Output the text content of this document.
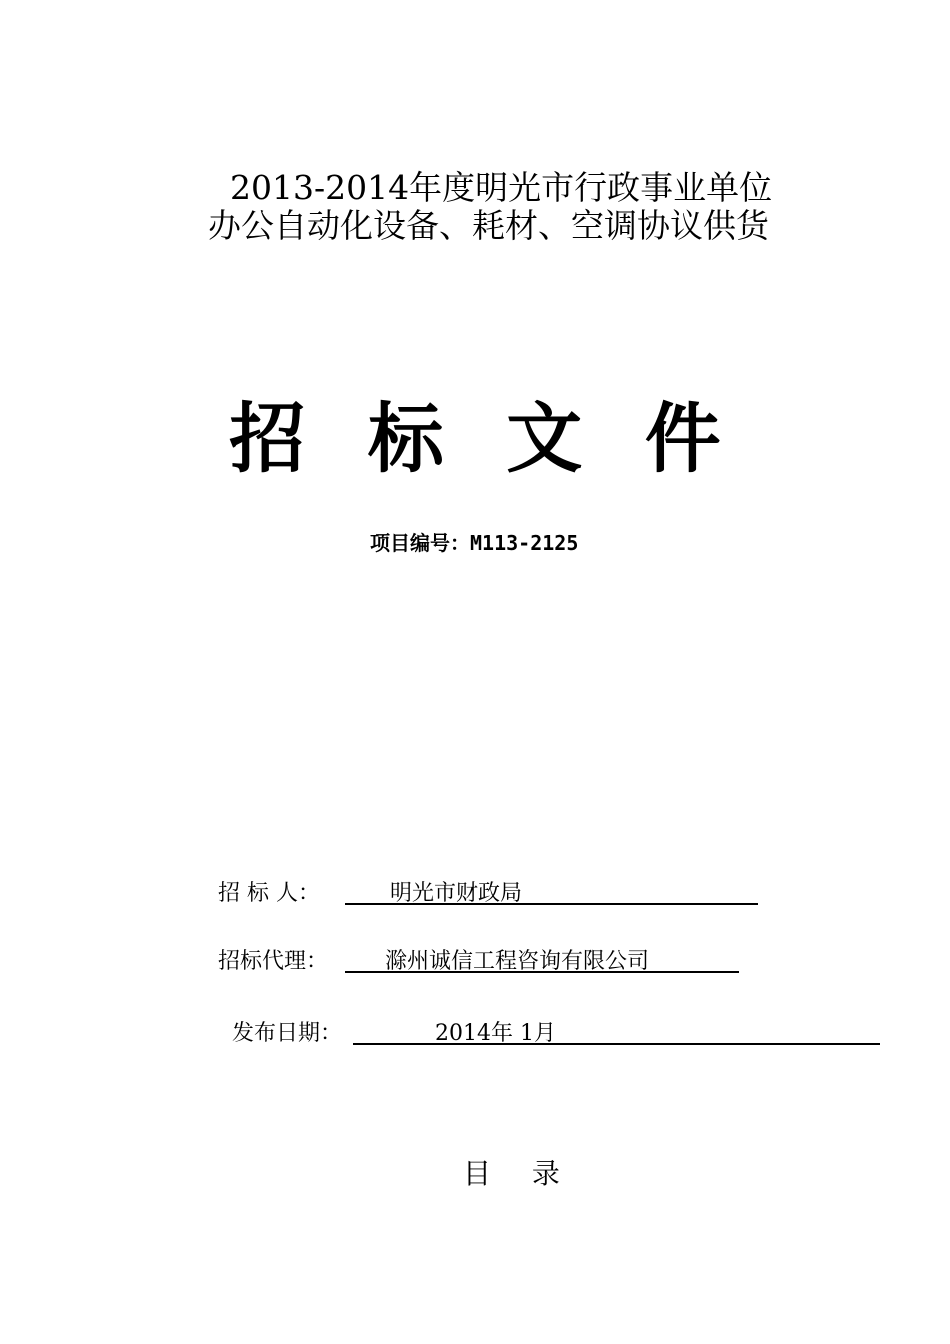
2013-2014年度明光市行政事业单位
办公自动化设备、耗材、空调协议供货
招 标 文 件
项目编号：M113-2125
招 标 人：	明光市财政局
招标代理：	滁州诚信工程咨询有限公司
发布日期：	2014年 1月
目 录
